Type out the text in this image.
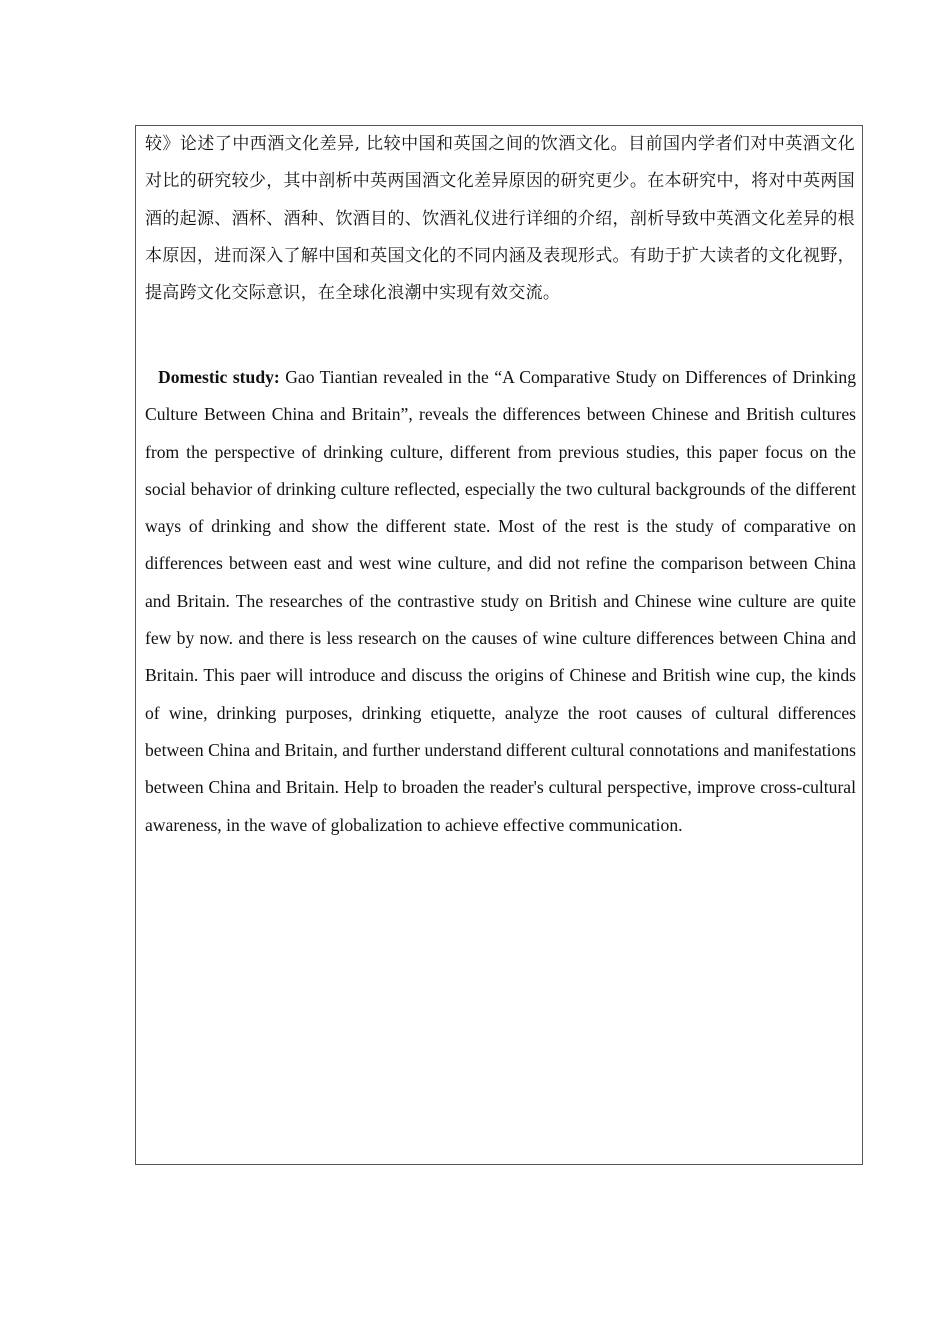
较》论述了中西酒文化差异, 比较中国和英国之间的饮酒文化。目前国内学者们对中英酒文化对比的研究较少，其中剖析中英两国酒文化差异原因的研究更少。在本研究中，将对中英两国酒的起源、酒杯、酒种、饮酒目的、饮酒礼仪进行详细的介绍，剖析导致中英酒文化差异的根本原因，进而深入了解中国和英国文化的不同内涵及表现形式。有助于扩大读者的文化视野，提高跨文化交际意识，在全球化浪潮中实现有效交流。

Domestic study: Gao Tiantian revealed in the “A Comparative Study on Differences of Drinking Culture Between China and Britain”, reveals the differences between Chinese and British cultures from the perspective of drinking culture, different from previous studies, this paper focus on the social behavior of drinking culture reflected, especially the two cultural backgrounds of the different ways of drinking and show the different state. Most of the rest is the study of comparative on differences between east and west wine culture, and did not refine the comparison between China and Britain. The researches of the contrastive study on British and Chinese wine culture are quite few by now. and there is less research on the causes of wine culture differences between China and Britain. This paer will introduce and discuss the origins of Chinese and British wine cup, the kinds of wine, drinking purposes, drinking etiquette, analyze the root causes of cultural differences between China and Britain, and further understand different cultural connotations and manifestations between China and Britain. Help to broaden the reader's cultural perspective, improve cross-cultural awareness, in the wave of globalization to achieve effective communication.
